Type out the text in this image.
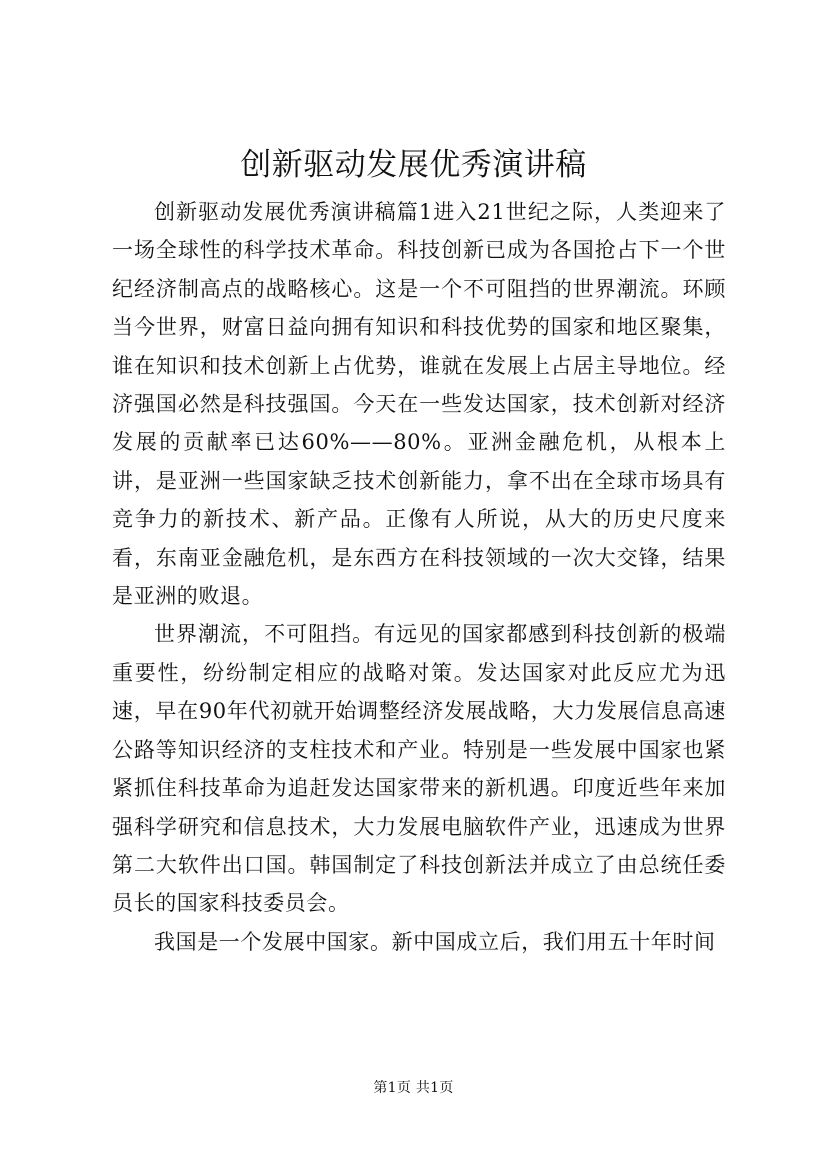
创新驱动发展优秀演讲稿

创新驱动发展优秀演讲稿篇1进入21世纪之际，人类迎来了一场全球性的科学技术革命。科技创新已成为各国抢占下一个世纪经济制高点的战略核心。这是一个不可阻挡的世界潮流。环顾当今世界，财富日益向拥有知识和科技优势的国家和地区聚集，谁在知识和技术创新上占优势，谁就在发展上占居主导地位。经济强国必然是科技强国。今天在一些发达国家，技术创新对经济发展的贡献率已达60%——80%。亚洲金融危机，从根本上讲，是亚洲一些国家缺乏技术创新能力，拿不出在全球市场具有竞争力的新技术、新产品。正像有人所说，从大的历史尺度来看，东南亚金融危机，是东西方在科技领域的一次大交锋，结果是亚洲的败退。

世界潮流，不可阻挡。有远见的国家都感到科技创新的极端重要性，纷纷制定相应的战略对策。发达国家对此反应尤为迅速，早在90年代初就开始调整经济发展战略，大力发展信息高速公路等知识经济的支柱技术和产业。特别是一些发展中国家也紧紧抓住科技革命为追赶发达国家带来的新机遇。印度近些年来加强科学研究和信息技术，大力发展电脑软件产业，迅速成为世界第二大软件出口国。韩国制定了科技创新法并成立了由总统任委员长的国家科技委员会。

我国是一个发展中国家。新中国成立后，我们用五十年时间

第1页 共1页
